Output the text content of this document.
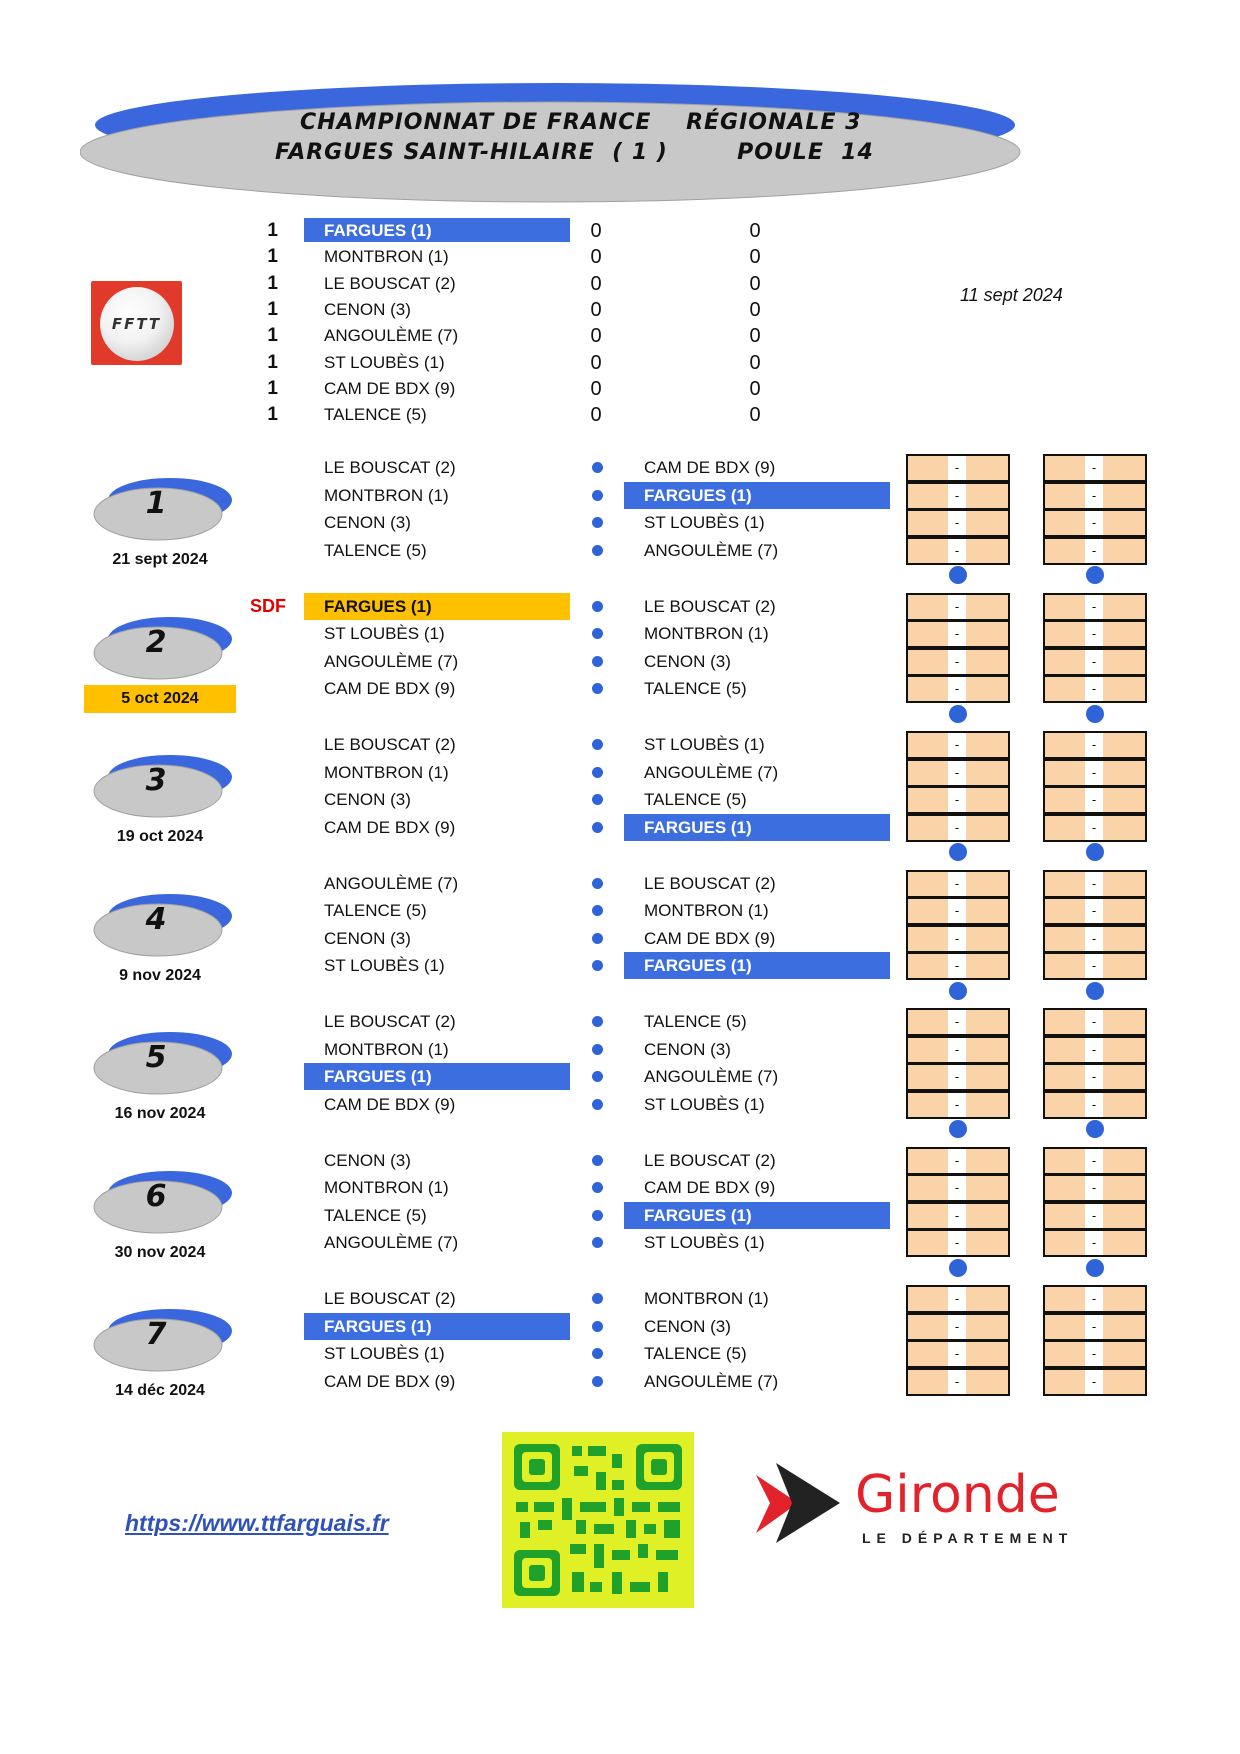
CHAMPIONNAT DE FRANCE    RÉGIONALE 3
FARGUES SAINT-HILAIRE  ( 1 )        POULE  14
FFTT
11 sept 2024
1	FARGUES (1)	0	0
1	MONTBRON (1)	0	0
1	LE BOUSCAT (2)	0	0
1	CENON (3)	0	0
1	ANGOULÈME (7)	0	0
1	ST LOUBÈS (1)	0	0
1	CAM DE BDX (9)	0	0
1	TALENCE (5)	0	0
1
21 sept 2024
LE BOUSCAT (2)	CAM DE BDX (9)	-	-
MONTBRON (1)	FARGUES (1)	-	-
CENON (3)	ST LOUBÈS (1)	-	-
TALENCE (5)	ANGOULÈME (7)	-	-
2
5 oct 2024
SDF	FARGUES (1)	LE BOUSCAT (2)	-	-
ST LOUBÈS (1)	MONTBRON (1)	-	-
ANGOULÈME (7)	CENON (3)	-	-
CAM DE BDX (9)	TALENCE (5)	-	-
3
19 oct 2024
LE BOUSCAT (2)	ST LOUBÈS (1)	-	-
MONTBRON (1)	ANGOULÈME (7)	-	-
CENON (3)	TALENCE (5)	-	-
CAM DE BDX (9)	FARGUES (1)	-	-
4
9 nov 2024
ANGOULÈME (7)	LE BOUSCAT (2)	-	-
TALENCE (5)	MONTBRON (1)	-	-
CENON (3)	CAM DE BDX (9)	-	-
ST LOUBÈS (1)	FARGUES (1)	-	-
5
16 nov 2024
LE BOUSCAT (2)	TALENCE (5)	-	-
MONTBRON (1)	CENON (3)	-	-
FARGUES (1)	ANGOULÈME (7)	-	-
CAM DE BDX (9)	ST LOUBÈS (1)	-	-
6
30 nov 2024
CENON (3)	LE BOUSCAT (2)	-	-
MONTBRON (1)	CAM DE BDX (9)	-	-
TALENCE (5)	FARGUES (1)	-	-
ANGOULÈME (7)	ST LOUBÈS (1)	-	-
7
14 déc 2024
LE BOUSCAT (2)	MONTBRON (1)	-	-
FARGUES (1)	CENON (3)	-	-
ST LOUBÈS (1)	TALENCE (5)	-	-
CAM DE BDX (9)	ANGOULÈME (7)	-	-
https://www.ttfarguais.fr	Gironde
LE DÉPARTEMENT
